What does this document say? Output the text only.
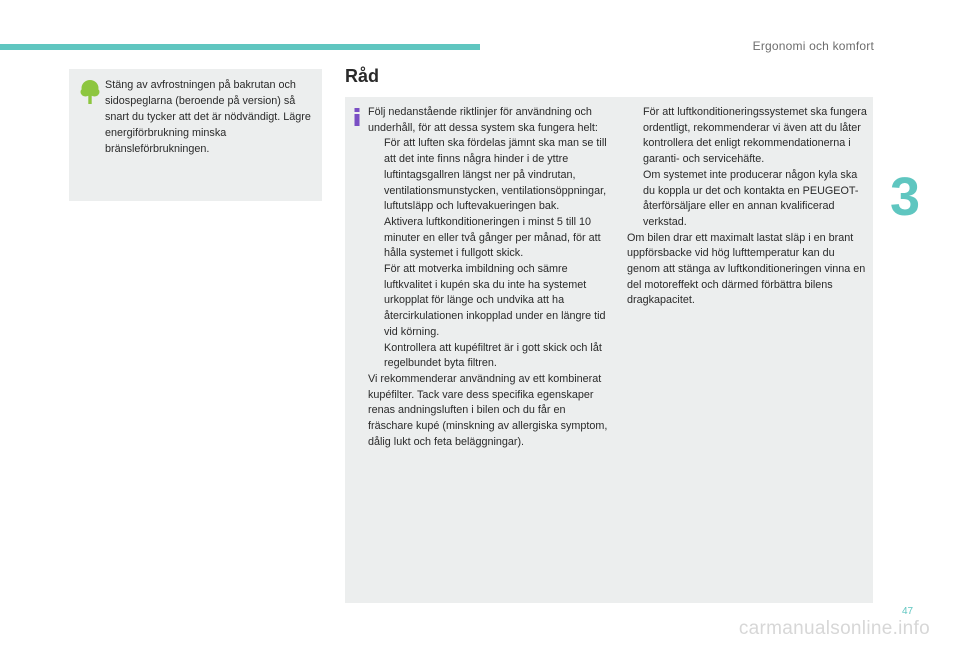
Ergonomi och komfort
3
Stäng av avfrostningen på bakrutan och sidospeglarna (beroende på version) så snart du tycker att det är nödvändigt. Lägre energiförbrukning minska bränsleförbrukningen.
Råd

Följ nedanstående riktlinjer för användning och underhåll, för att dessa system ska fungera helt:

För att luften ska fördelas jämnt ska man se till att det inte finns några hinder i de yttre luftintagsgallren längst ner på vindrutan, ventilationsmunstycken, ventilationsöppningar, luftutsläpp och luftevakueringen bak.
Aktivera luftkonditioneringen i minst 5 till 10 minuter en eller två gånger per månad, för att hålla systemet i fullgott skick.
För att motverka imbildning och sämre luftkvalitet i kupén ska du inte ha systemet urkopplat för länge och undvika att ha återcirkulationen inkopplad under en längre tid vid körning.
Kontrollera att kupéfiltret är i gott skick och låt regelbundet byta filtren.

Vi rekommenderar användning av ett kombinerat kupéfilter. Tack vare dess specifika egenskaper renas andningsluften i bilen och du får en fräschare kupé (minskning av allergiska symptom, dålig lukt och feta beläggningar).

För att luftkonditioneringssystemet ska fungera ordentligt, rekommenderar vi även att du låter kontrollera det enligt rekommendationerna i garanti- och servicehäfte.
Om systemet inte producerar någon kyla ska du koppla ur det och kontakta en PEUGEOT-återförsäljare eller en annan kvalificerad verkstad.

Om bilen drar ett maximalt lastat släp i en brant uppförsbacke vid hög lufttemperatur kan du genom att stänga av luftkonditioneringen vinna en del motoreffekt och därmed förbättra bilens dragkapacitet.

47
carmanualsonline.info
